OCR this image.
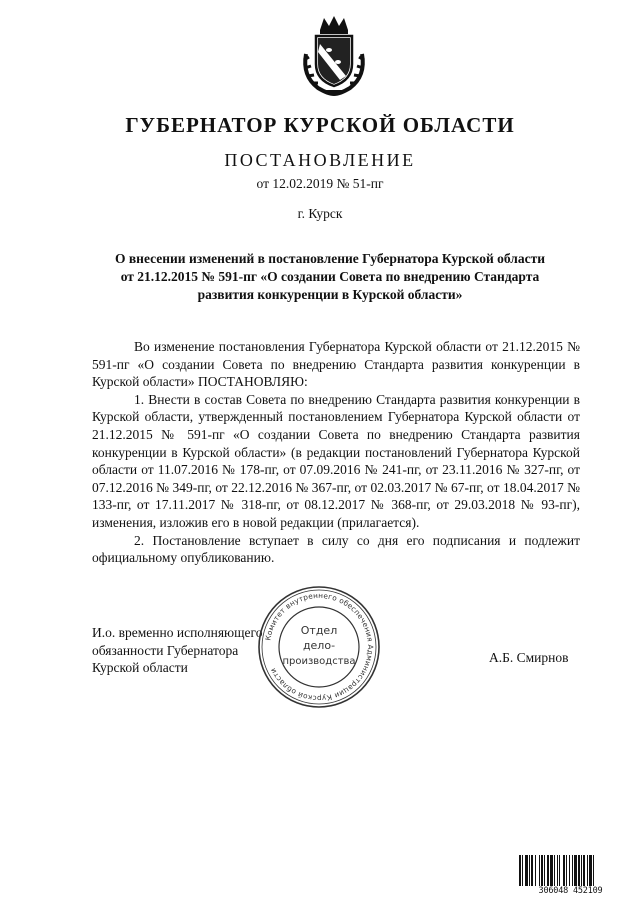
ГУБЕРНАТОР КУРСКОЙ ОБЛАСТИ
ПОСТАНОВЛЕНИЕ
от 12.02.2019 № 51-пг
г. Курск
О внесении изменений в постановление Губернатора Курской области
от 21.12.2015 № 591-пг «О создании Совета по внедрению Стандарта
развития конкуренции в Курской области»

Во изменение постановления Губернатора Курской области от 21.12.2015 № 591-пг «О создании Совета по внедрению Стандарта развития конкуренции в Курской области» ПОСТАНОВЛЯЮ:

1. Внести в состав Совета по внедрению Стандарта развития конкуренции в Курской области, утвержденный постановлением Губернатора Курской области от 21.12.2015 № 591-пг «О создании Совета по внедрению Стандарта развития конкуренции в Курской области» (в редакции постановлений Губернатора Курской области от 11.07.2016 № 178-пг, от 07.09.2016 № 241-пг, от 23.11.2016 № 327-пг, от 07.12.2016 № 349-пг, от 22.12.2016 № 367-пг, от 02.03.2017 № 67-пг, от 18.04.2017 № 133-пг, от 17.11.2017 № 318-пг, от 08.12.2017 № 368-пг, от 29.03.2018 № 93-пг), изменения, изложив его в новой редакции (прилагается).

2. Постановление вступает в силу со дня его подписания и подлежит официальному опубликованию.

И.о. временно исполняющего
обязанности Губернатора
Курской области
А.Б. Смирнов
Комитет внутреннего обеспечения Администрации Курской области
Отдел
дело-
производства
306048 452109
